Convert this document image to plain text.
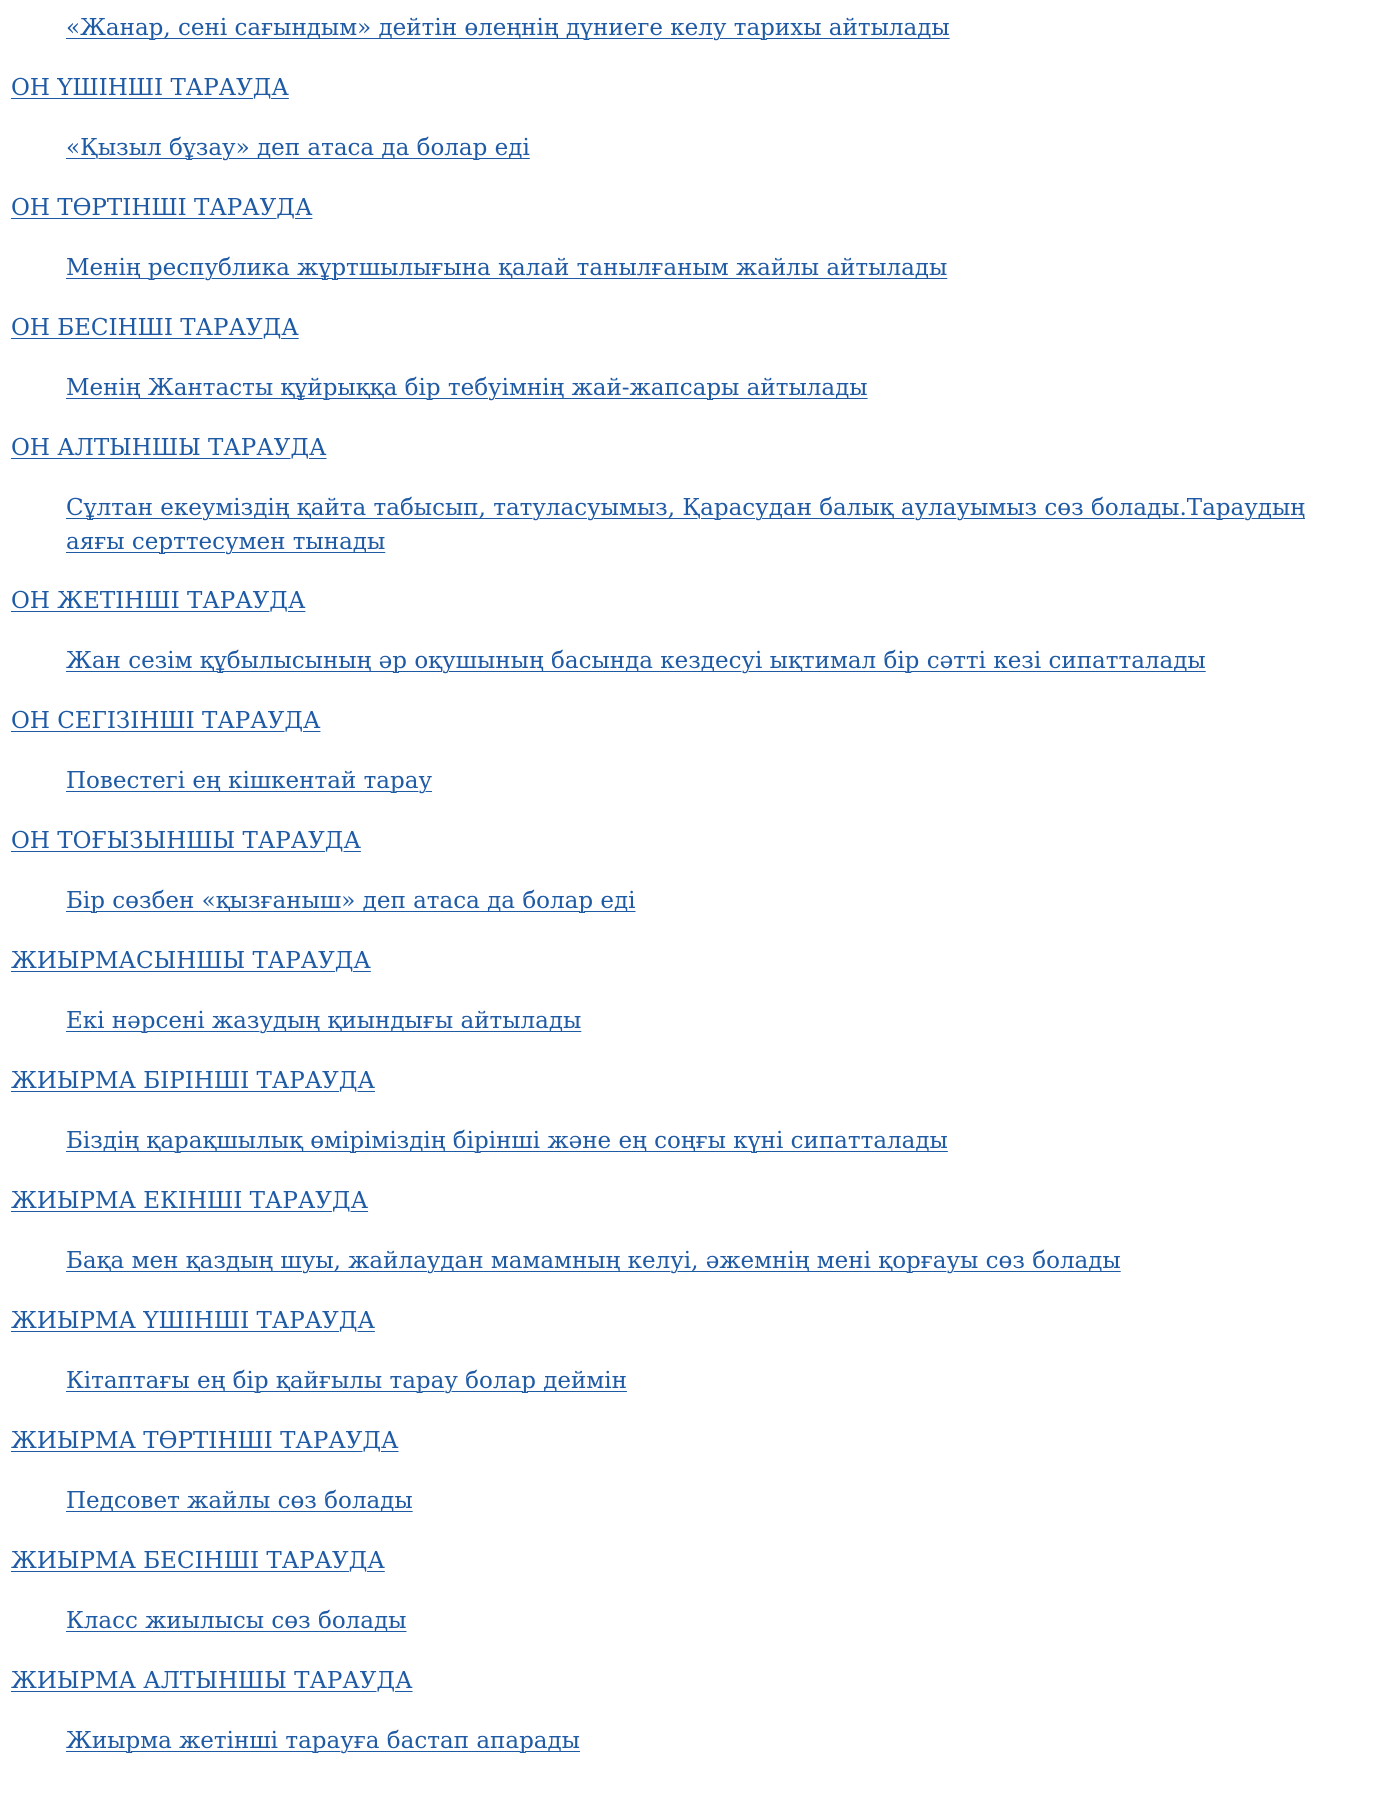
«Жанар, сені сағындым» дейтін өлеңнің дүниеге келу тарихы айтылады
ОН ҮШІНШІ ТАРАУДА
«Қызыл бұзау» деп атаса да болар еді
ОН ТӨРТІНШІ ТАРАУДА
Менің республика жұртшылығына қалай танылғаным жайлы айтылады
ОН БЕСІНШІ ТАРАУДА
Менің Жантасты құйрыққа бір тебуімнің жай-жапсары айтылады
ОН АЛТЫНШЫ ТАРАУДА
Сұлтан екеуміздің қайта табысып, татуласуымыз, Қарасудан балық аулауымыз сөз болады.Тараудың аяғы серттесумен тынады
ОН ЖЕТІНШІ ТАРАУДА
Жан сезім құбылысының әр оқушының басында кездесуі ықтимал бір сәтті кезі сипатталады
ОН СЕГІЗІНШІ ТАРАУДА
Повестегі ең кішкентай тарау
ОН ТОҒЫЗЫНШЫ ТАРАУДА
Бір сөзбен «қызғаныш» деп атаса да болар еді
ЖИЫРМАСЫНШЫ ТАРАУДА
Екі нәрсені жазудың қиындығы айтылады
ЖИЫРМА БІРІНШІ ТАРАУДА
Біздің қарақшылық өміріміздің бірінші және ең соңғы күні сипатталады
ЖИЫРМА ЕКІНШІ ТАРАУДА
Бақа мен қаздың шуы, жайлаудан мамамның келуі, әжемнің мені қорғауы сөз болады
ЖИЫРМА ҮШІНШІ ТАРАУДА
Кітаптағы ең бір қайғылы тарау болар деймін
ЖИЫРМА ТӨРТІНШІ ТАРАУДА
Педсовет жайлы сөз болады
ЖИЫРМА БЕСІНШІ ТАРАУДА
Класс жиылысы сөз болады
ЖИЫРМА АЛТЫНШЫ ТАРАУДА
Жиырма жетінші тарауға бастап апарады
